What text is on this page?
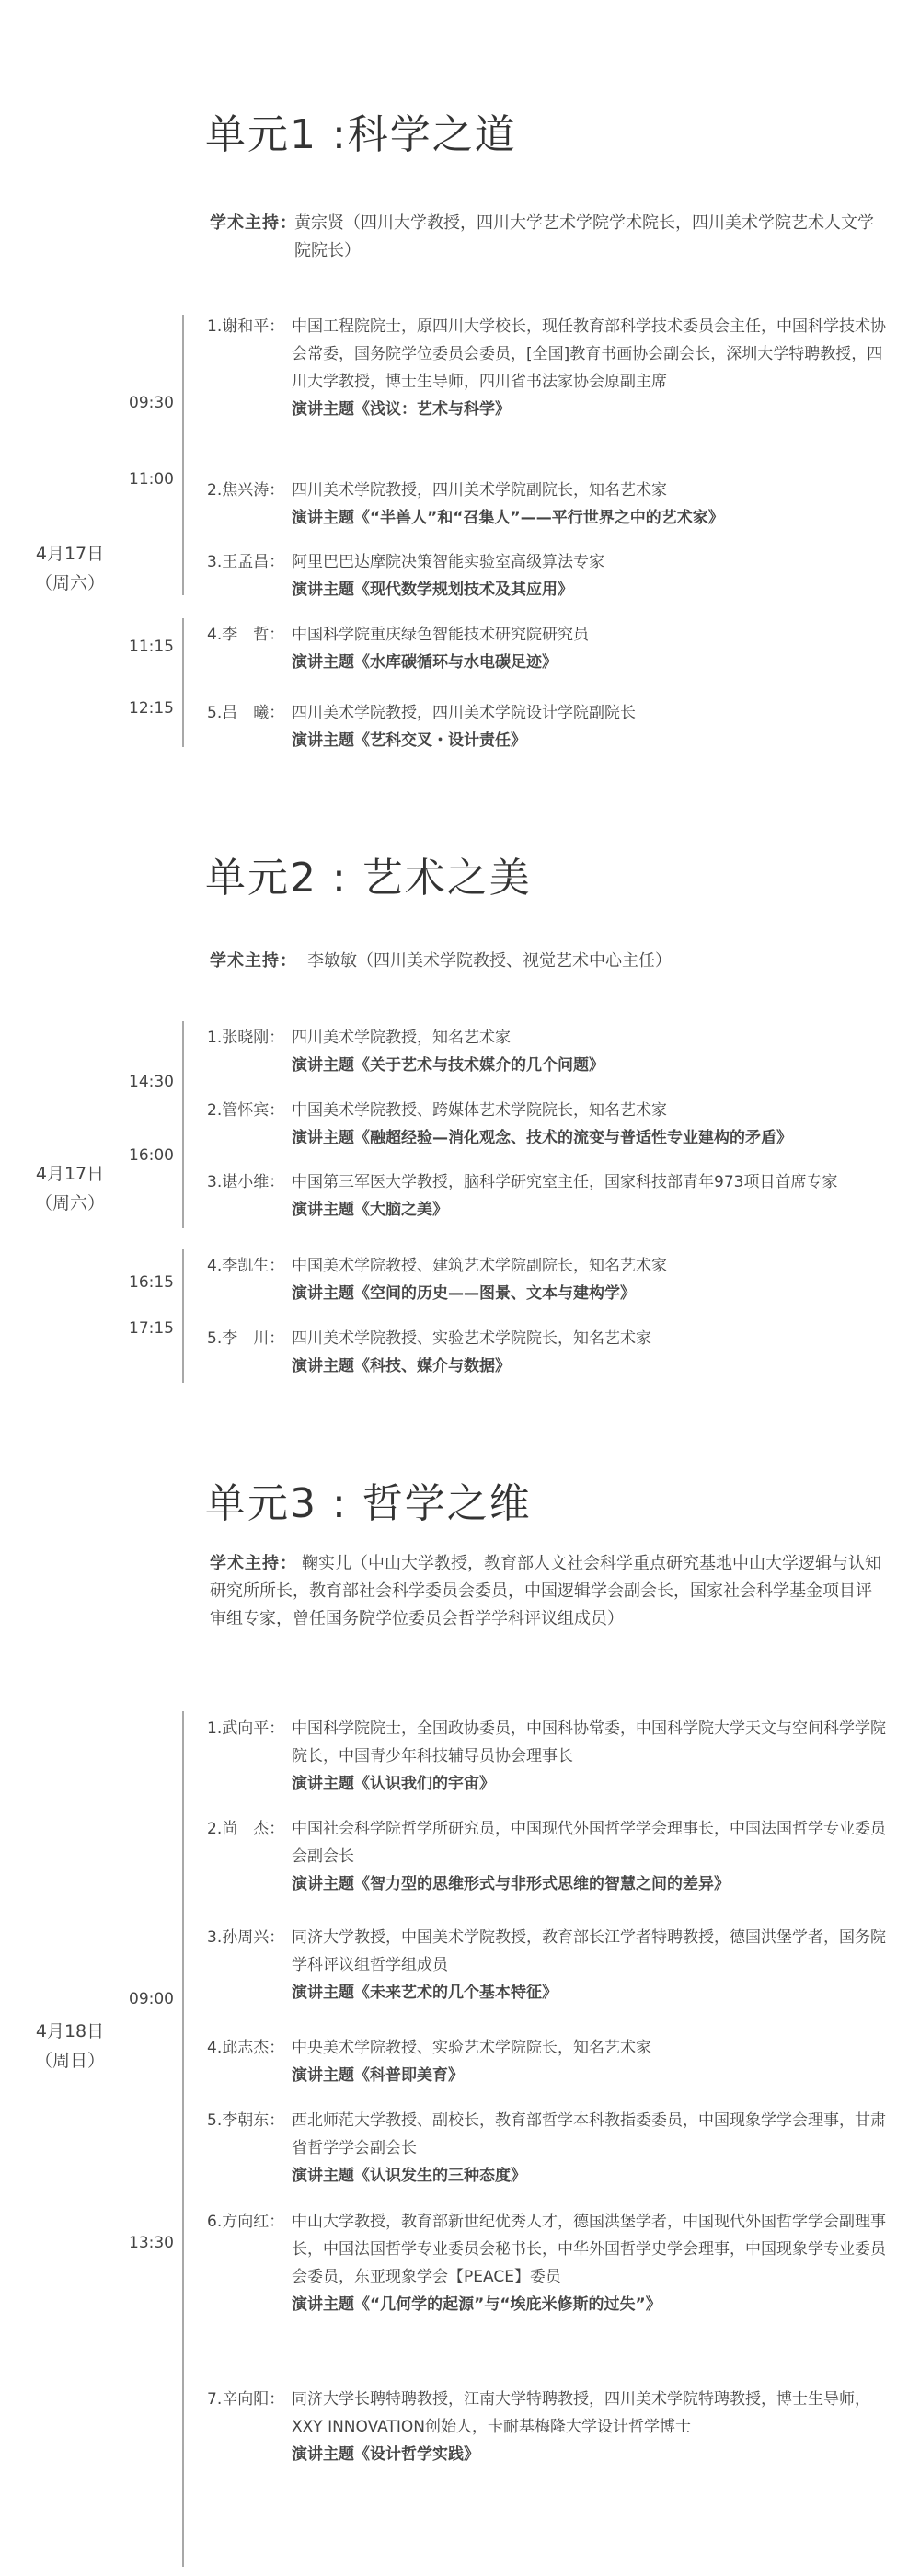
单元1 :科学之道
学术主持：
黄宗贤（四川大学教授，四川大学艺术学院学术院长，四川美术学院艺术人文学院院长）
09:30
11:00
11:15
12:15
4月17日
（周六）
1.谢和平： 中国工程院院士，原四川大学校长，现任教育部科学技术委员会主任，中国科学技术协会常委，国务院学位委员会委员，[全国]教育书画协会副会长，深圳大学特聘教授，四川大学教授，博士生导师，四川省书法家协会原副主席
演讲主题《浅议：艺术与科学》
2.焦兴涛： 四川美术学院教授，四川美术学院副院长，知名艺术家
演讲主题《“半兽人”和“召集人”——平行世界之中的艺术家》
3.王孟昌： 阿里巴巴达摩院决策智能实验室高级算法专家
演讲主题《现代数学规划技术及其应用》
4.李　哲： 中国科学院重庆绿色智能技术研究院研究员
演讲主题《水库碳循环与水电碳足迹》
5.吕　曦： 四川美术学院教授，四川美术学院设计学院副院长
演讲主题《艺科交叉・设计责任》
单元2 : 艺术之美
学术主持： 李敏敏（四川美术学院教授、视觉艺术中心主任）
14:30
16:00
16:15
17:15
4月17日
（周六）
1.张晓刚： 四川美术学院教授，知名艺术家
演讲主题《关于艺术与技术媒介的几个问题》
2.管怀宾： 中国美术学院教授、跨媒体艺术学院院长，知名艺术家
演讲主题《融超经验—消化观念、技术的流变与普适性专业建构的矛盾》
3.谌小维： 中国第三军医大学教授，脑科学研究室主任，国家科技部青年973项目首席专家
演讲主题《大脑之美》
4.李凯生： 中国美术学院教授、建筑艺术学院副院长，知名艺术家
演讲主题《空间的历史——图景、文本与建构学》
5.李　川： 四川美术学院教授、实验艺术学院院长，知名艺术家
演讲主题《科技、媒介与数据》
单元3 : 哲学之维
学术主持： 鞠实儿（中山大学教授，教育部人文社会科学重点研究基地中山大学逻辑与认知研究所所长，教育部社会科学委员会委员，中国逻辑学会副会长，国家社会科学基金项目评审组专家，曾任国务院学位委员会哲学学科评议组成员）
09:00
13:30
4月18日
（周日）
1.武向平： 中国科学院院士，全国政协委员，中国科协常委，中国科学院大学天文与空间科学学院院长，中国青少年科技辅导员协会理事长
演讲主题《认识我们的宇宙》
2.尚　杰： 中国社会科学院哲学所研究员，中国现代外国哲学学会理事长，中国法国哲学专业委员会副会长
演讲主题《智力型的思维形式与非形式思维的智慧之间的差异》
3.孙周兴： 同济大学教授，中国美术学院教授，教育部长江学者特聘教授，德国洪堡学者，国务院学科评议组哲学组成员
演讲主题《未来艺术的几个基本特征》
4.邱志杰： 中央美术学院教授、实验艺术学院院长，知名艺术家
演讲主题《科普即美育》
5.李朝东： 西北师范大学教授、副校长，教育部哲学本科教指委委员，中国现象学学会理事，甘肃省哲学学会副会长
演讲主题《认识发生的三种态度》
6.方向红： 中山大学教授，教育部新世纪优秀人才，德国洪堡学者，中国现代外国哲学学会副理事长，中国法国哲学专业委员会秘书长，中华外国哲学史学会理事，中国现象学专业委员会委员，东亚现象学会【PEACE】委员
演讲主题《“几何学的起源”与“埃庇米修斯的过失”》
7.辛向阳： 同济大学长聘特聘教授，江南大学特聘教授，四川美术学院特聘教授，博士生导师，XXY INNOVATION创始人，卡耐基梅隆大学设计哲学博士
演讲主题《设计哲学实践》
